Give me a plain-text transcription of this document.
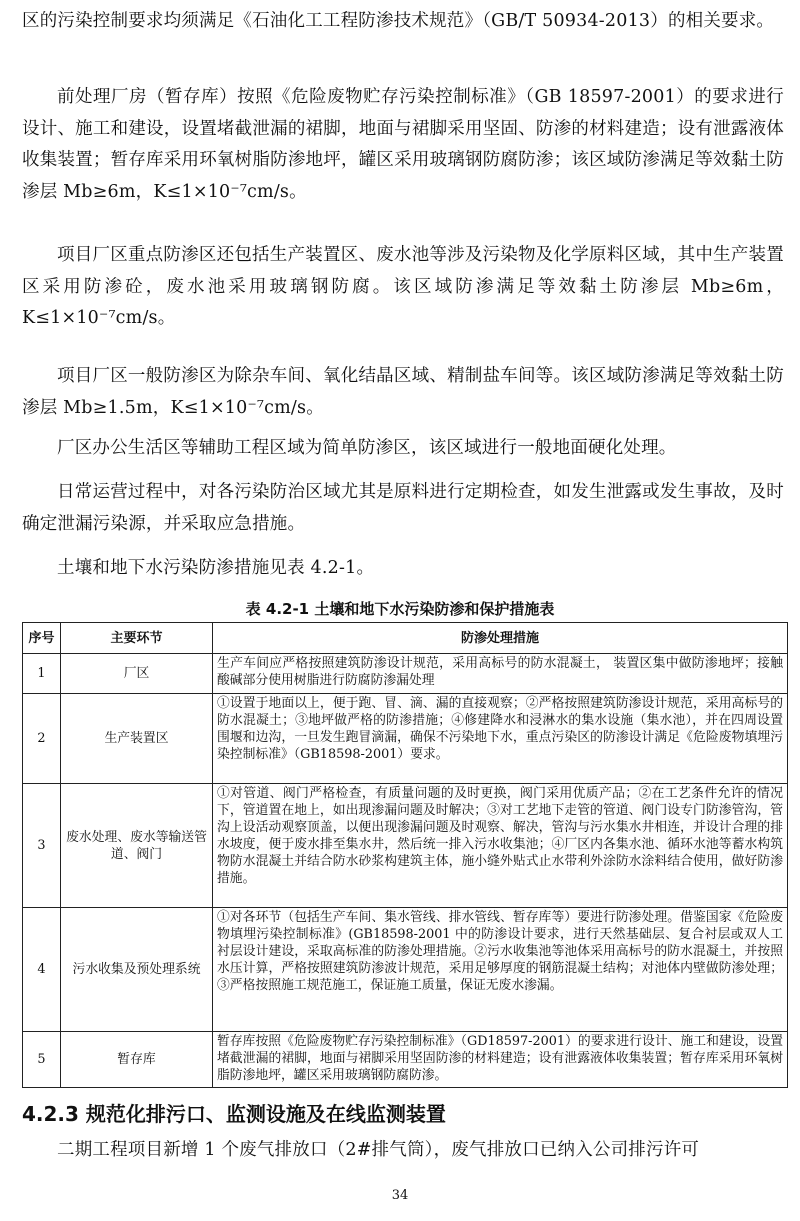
区的污染控制要求均须满足《石油化工工程防渗技术规范》（GB/T 50934-2013）的相关要求。

前处理厂房（暂存库）按照《危险废物贮存污染控制标准》（GB 18597-2001）的要求进行设计、施工和建设，设置堵截泄漏的裙脚，地面与裙脚采用坚固、防渗的材料建造；设有泄露液体收集装置；暂存库采用环氧树脂防渗地坪，罐区采用玻璃钢防腐防渗；该区域防渗满足等效黏土防渗层 Mb≥6m，K≤1×10⁻⁷cm/s。

项目厂区重点防渗区还包括生产装置区、废水池等涉及污染物及化学原料区域，其中生产装置区采用防渗砼，废水池采用玻璃钢防腐。该区域防渗满足等效黏土防渗层 Mb≥6m，K≤1×10⁻⁷cm/s。

项目厂区一般防渗区为除杂车间、氧化结晶区域、精制盐车间等。该区域防渗满足等效黏土防渗层 Mb≥1.5m，K≤1×10⁻⁷cm/s。

厂区办公生活区等辅助工程区域为简单防渗区，该区域进行一般地面硬化处理。

日常运营过程中，对各污染防治区域尤其是原料进行定期检查，如发生泄露或发生事故，及时确定泄漏污染源，并采取应急措施。

土壤和地下水污染防渗措施见表 4.2-1。

表 4.2-1 土壤和地下水污染防渗和保护措施表
序号	主要环节	防渗处理措施
1	厂区	生产车间应严格按照建筑防渗设计规范，采用高标号的防水混凝土， 装置区集中做防渗地坪；接触酸碱部分使用树脂进行防腐防渗漏处理
2	生产装置区	①设置于地面以上，便于跑、冒、滴、漏的直接观察；②严格按照建筑防渗设计规范，采用高标号的防水混凝土；③地坪做严格的防渗措施；④修建降水和浸淋水的集水设施（集水池），并在四周设置围堰和边沟，一旦发生跑冒滴漏，确保不污染地下水，重点污染区的防渗设计满足《危险废物填埋污染控制标准》（GB18598-2001）要求。
3	废水处理、废水等输送管道、阀门	①对管道、阀门严格检查，有质量问题的及时更换，阀门采用优质产品；②在工艺条件允许的情况下，管道置在地上，如出现渗漏问题及时解决；③对工艺地下走管的管道、阀门设专门防渗管沟，管沟上设活动观察顶盖，以便出现渗漏问题及时观察、解决，管沟与污水集水井相连，并设计合理的排水坡度，便于废水排至集水井，然后统一排入污水收集池；④厂区内各集水池、循环水池等蓄水构筑物防水混凝土并结合防水砂浆构建筑主体，施小缝外贴式止水带利外涂防水涂料结合使用，做好防渗措施。
4	污水收集及预处理系统	①对各环节（包括生产车间、集水管线、排水管线、暂存库等）要进行防渗处理。借鉴国家《危险废物填埋污染控制标准》(GB18598-2001 中的防渗设计要求，进行天然基础层、复合衬层或双人工衬层设计建设，采取高标准的防渗处理措施。②污水收集池等池体采用高标号的防水混凝土，并按照水压计算，严格按照建筑防渗波计规范，采用足够厚度的钢筋混凝土结构；对池体内壁做防渗处理；③严格按照施工规范施工，保证施工质量，保证无废水渗漏。
5	暂存库	暂存库按照《危险废物贮存污染控制标准》（GD18597-2001）的要求进行设计、施工和建设，设置堵截泄漏的裙脚，地面与裙脚采用坚固防渗的材料建造；设有泄露液体收集装置；暂存库采用环氧树脂防渗地坪，罐区采用玻璃钢防腐防渗。
4.2.3 规范化排污口、监测设施及在线监测装置

二期工程项目新增 1 个废气排放口（2#排气筒），废气排放口已纳入公司排污许可

34
